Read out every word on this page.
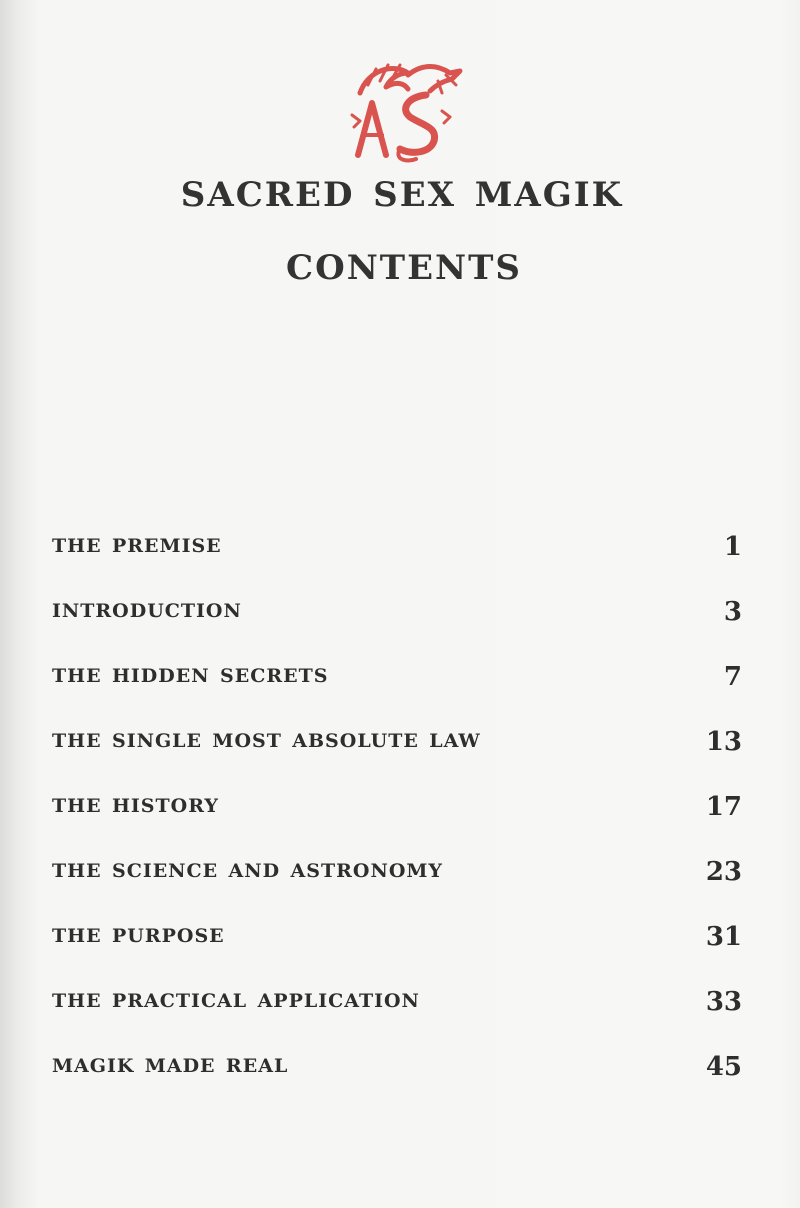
sacred sex magik
contents
the premise	1
introduction	3
the hidden secrets	7
the single most absolute law	13
the history	17
the science and astronomy	23
the purpose	31
the practical application	33
magik made real	45
